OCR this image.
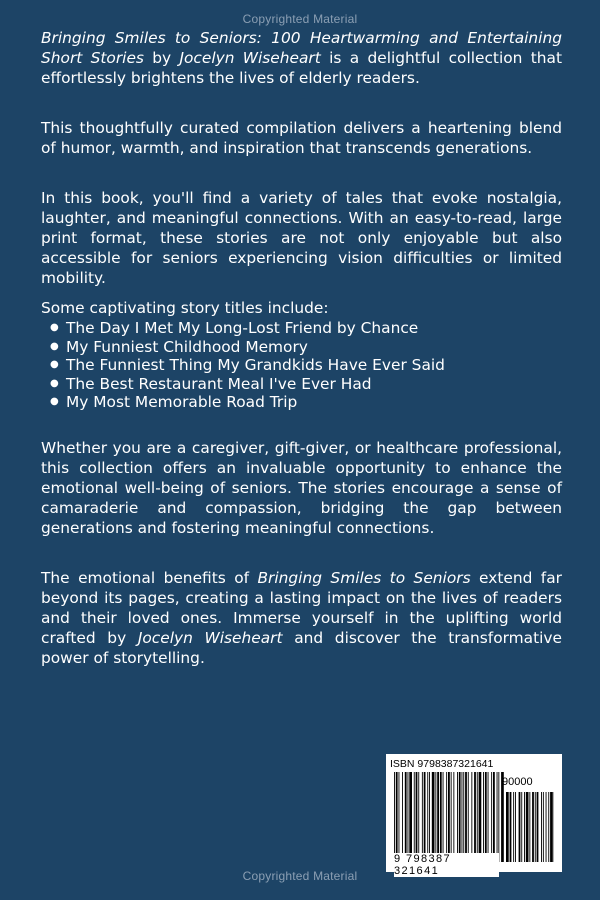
Copyrighted Material

Bringing Smiles to Seniors: 100 Heartwarming and Entertaining Short Stories by Jocelyn Wiseheart is a delightful collection that effortlessly brightens the lives of elderly readers.

This thoughtfully curated compilation delivers a heartening blend of humor, warmth, and inspiration that transcends generations.

In this book, you'll find a variety of tales that evoke nostalgia, laughter, and meaningful connections. With an easy-to-read, large print format, these stories are not only enjoyable but also accessible for seniors experiencing vision difficulties or limited mobility.

Some captivating story titles include:

● The Day I Met My Long-Lost Friend by Chance
● My Funniest Childhood Memory
● The Funniest Thing My Grandkids Have Ever Said
● The Best Restaurant Meal I've Ever Had
● My Most Memorable Road Trip

Whether you are a caregiver, gift-giver, or healthcare professional, this collection offers an invaluable opportunity to enhance the emotional well-being of seniors. The stories encourage a sense of camaraderie and compassion, bridging the gap between generations and fostering meaningful connections.

The emotional benefits of Bringing Smiles to Seniors extend far beyond its pages, creating a lasting impact on the lives of readers and their loved ones. Immerse yourself in the uplifting world crafted by Jocelyn Wiseheart and discover the transformative power of storytelling.

ISBN 9798387321641
90000
9 798387 321641
Copyrighted Material
